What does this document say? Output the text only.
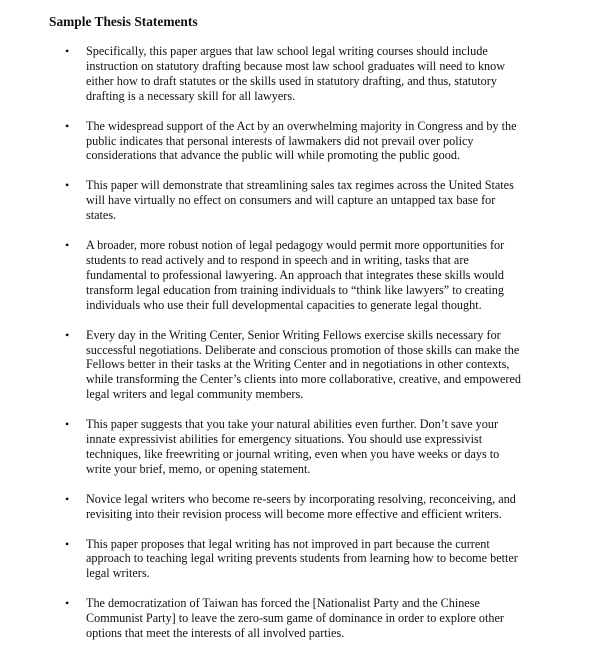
Sample Thesis Statements
• Specifically, this paper argues that law school legal writing courses should include
instruction on statutory drafting because most law school graduates will need to know
either how to draft statutes or the skills used in statutory drafting, and thus, statutory
drafting is a necessary skill for all lawyers.
• The widespread support of the Act by an overwhelming majority in Congress and by the
public indicates that personal interests of lawmakers did not prevail over policy
considerations that advance the public will while promoting the public good.
• This paper will demonstrate that streamlining sales tax regimes across the United States
will have virtually no effect on consumers and will capture an untapped tax base for
states.
• A broader, more robust notion of legal pedagogy would permit more opportunities for
students to read actively and to respond in speech and in writing, tasks that are
fundamental to professional lawyering. An approach that integrates these skills would
transform legal education from training individuals to “think like lawyers” to creating
individuals who use their full developmental capacities to generate legal thought.
• Every day in the Writing Center, Senior Writing Fellows exercise skills necessary for
successful negotiations. Deliberate and conscious promotion of those skills can make the
Fellows better in their tasks at the Writing Center and in negotiations in other contexts,
while transforming the Center’s clients into more collaborative, creative, and empowered
legal writers and legal community members.
• This paper suggests that you take your natural abilities even further. Don’t save your
innate expressivist abilities for emergency situations. You should use expressivist
techniques, like freewriting or journal writing, even when you have weeks or days to
write your brief, memo, or opening statement.
• Novice legal writers who become re-seers by incorporating resolving, reconceiving, and
revisiting into their revision process will become more effective and efficient writers.
• This paper proposes that legal writing has not improved in part because the current
approach to teaching legal writing prevents students from learning how to become better
legal writers.
• The democratization of Taiwan has forced the [Nationalist Party and the Chinese
Communist Party] to leave the zero-sum game of dominance in order to explore other
options that meet the interests of all involved parties.
